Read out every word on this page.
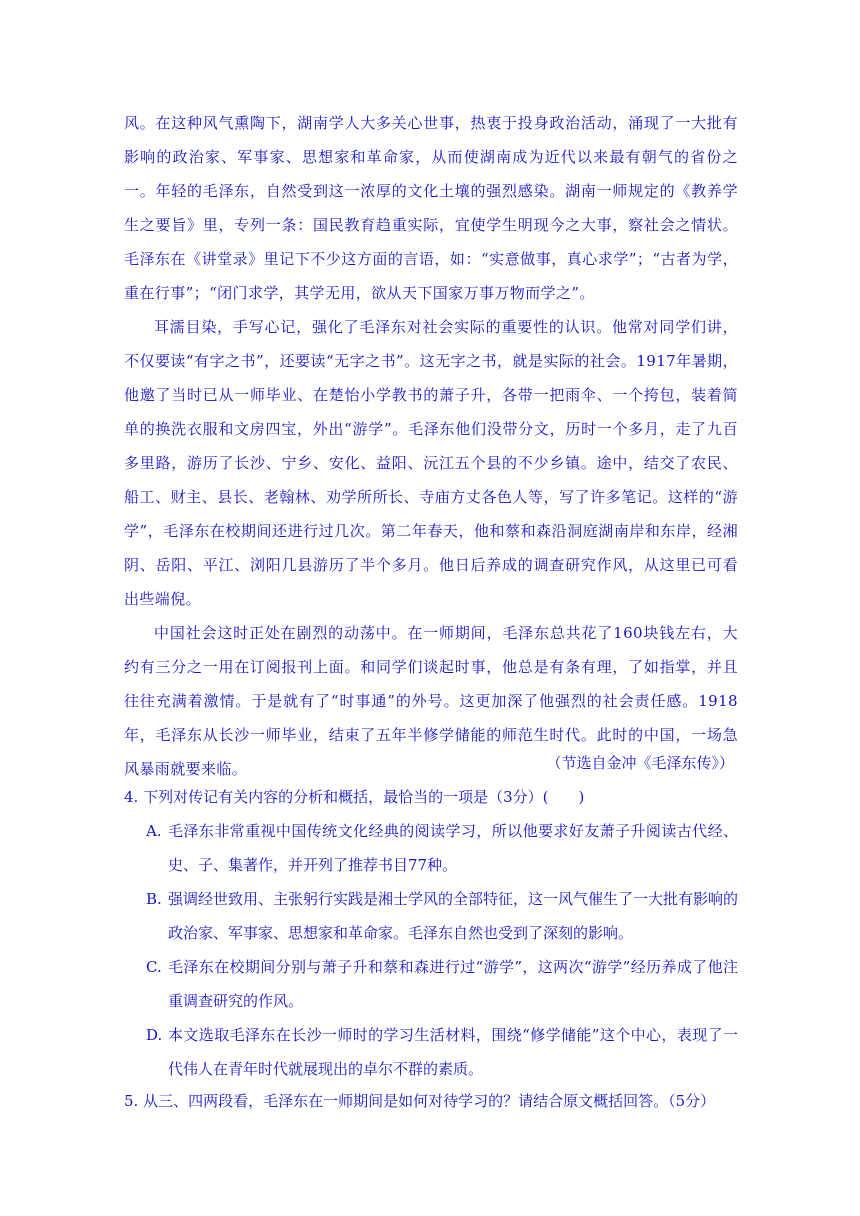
风。在这种风气熏陶下，湖南学人大多关心世事，热衷于投身政治活动，涌现了一大批有影响的政治家、军事家、思想家和革命家，从而使湖南成为近代以来最有朝气的省份之一。年轻的毛泽东，自然受到这一浓厚的文化土壤的强烈感染。湖南一师规定的《教养学生之要旨》里，专列一条：国民教育趋重实际，宜使学生明现今之大事，察社会之情状。毛泽东在《讲堂录》里记下不少这方面的言语，如：“实意做事，真心求学”；“古者为学，重在行事”；“闭门求学，其学无用，欲从天下国家万事万物而学之”。

耳濡目染，手写心记，强化了毛泽东对社会实际的重要性的认识。他常对同学们讲，不仅要读“有字之书”，还要读“无字之书”。这无字之书，就是实际的社会。1917年暑期，他邀了当时已从一师毕业、在楚怡小学教书的萧子升，各带一把雨伞、一个挎包，装着简单的换洗衣服和文房四宝，外出“游学”。毛泽东他们没带分文，历时一个多月，走了九百多里路，游历了长沙、宁乡、安化、益阳、沅江五个县的不少乡镇。途中，结交了农民、船工、财主、县长、老翰林、劝学所所长、寺庙方丈各色人等，写了许多笔记。这样的“游学”，毛泽东在校期间还进行过几次。第二年春天，他和蔡和森沿洞庭湖南岸和东岸，经湘阴、岳阳、平江、浏阳几县游历了半个多月。他日后养成的调查研究作风，从这里已可看出些端倪。

中国社会这时正处在剧烈的动荡中。在一师期间，毛泽东总共花了160块钱左右，大约有三分之一用在订阅报刊上面。和同学们谈起时事，他总是有条有理，了如指掌，并且往往充满着激情。于是就有了“时事通”的外号。这更加深了他强烈的社会责任感。1918年，毛泽东从长沙一师毕业，结束了五年半修学储能的师范生时代。此时的中国，一场急风暴雨就要来临。	（节选自金冲《毛泽东传》）
4. 下列对传记有关内容的分析和概括，最恰当的一项是（3分）(　　)
A. 毛泽东非常重视中国传统文化经典的阅读学习，所以他要求好友萧子升阅读古代经、史、子、集著作，并开列了推荐书目77种。
B. 强调经世致用、主张躬行实践是湘士学风的全部特征，这一风气催生了一大批有影响的政治家、军事家、思想家和革命家。毛泽东自然也受到了深刻的影响。
C. 毛泽东在校期间分别与萧子升和蔡和森进行过“游学”，这两次“游学”经历养成了他注重调查研究的作风。
D. 本文选取毛泽东在长沙一师时的学习生活材料，围绕“修学储能”这个中心，表现了一代伟人在青年时代就展现出的卓尔不群的素质。
5. 从三、四两段看，毛泽东在一师期间是如何对待学习的？请结合原文概括回答。（5分）
